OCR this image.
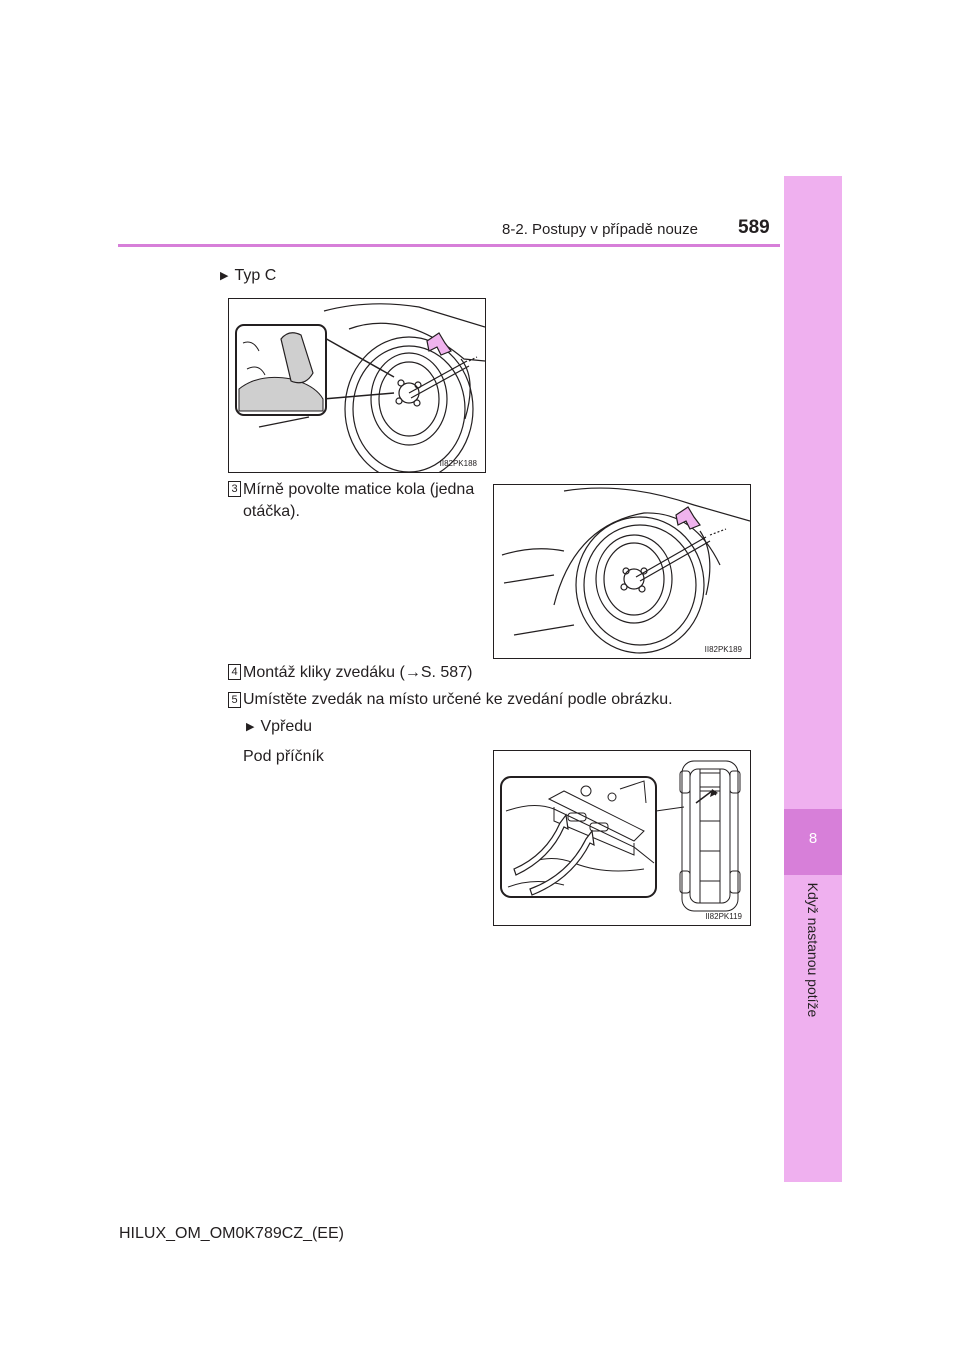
8
Když nastanou potíže
8-2. Postupy v případě nouze 589
▶ Typ C
II82PK188
3 Mírně povolte matice kola (jedna
otáčka).
II82PK189
4 Montáž kliky zvedáku (→S. 587)
5 Umístěte zvedák na místo určené ke zvedání podle obrázku.
▶ Vpředu
Pod příčník
II82PK119
HILUX_OM_OM0K789CZ_(EE)
